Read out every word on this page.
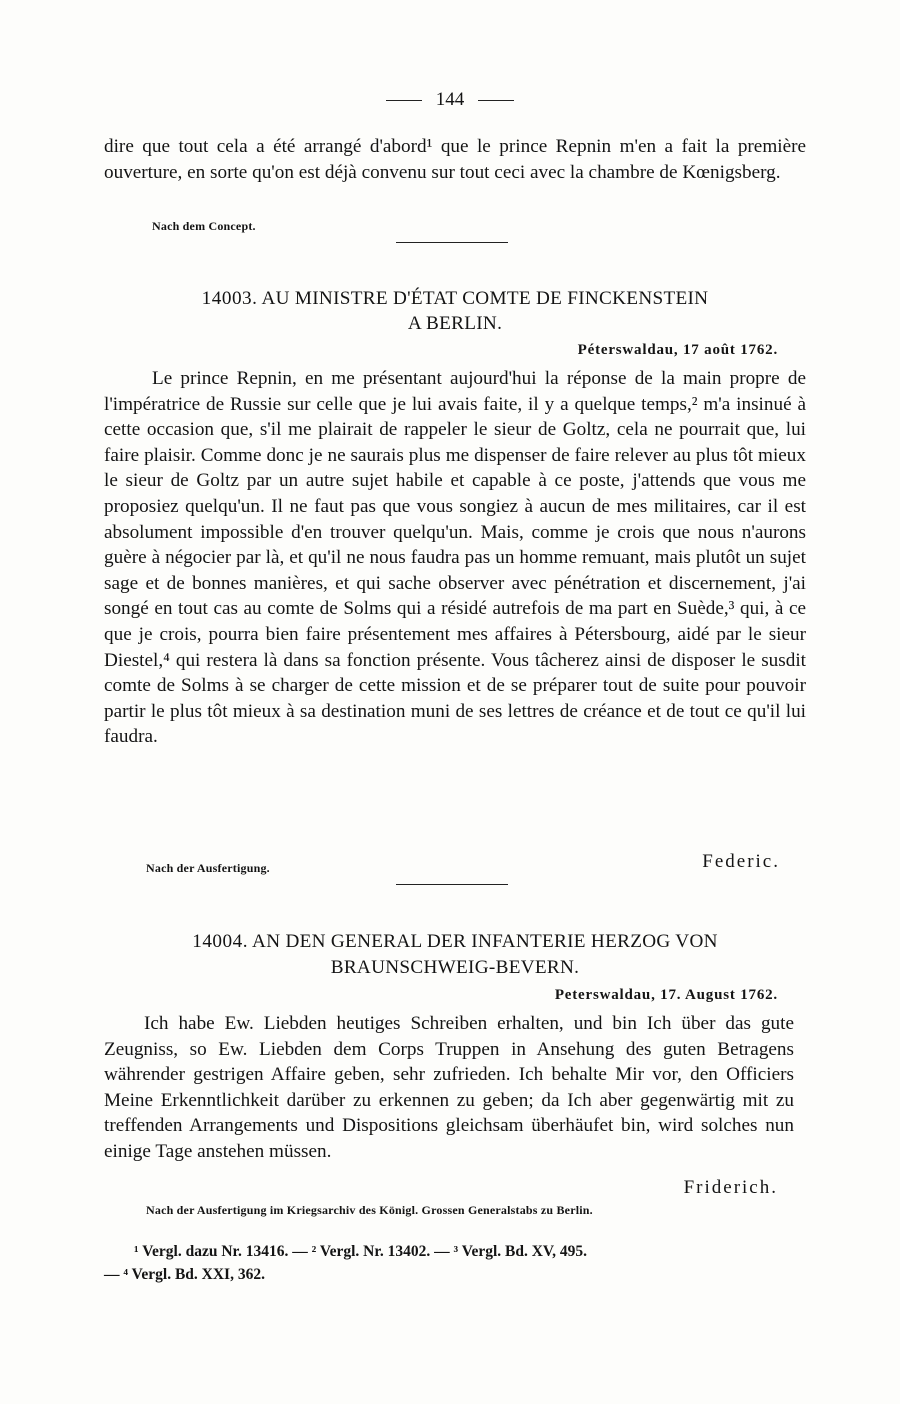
144

dire que tout cela a été arrangé d'abord¹ que le prince Repnin m'en a fait la première ouverture, en sorte qu'on est déjà convenu sur tout ceci avec la chambre de Kœnigsberg.

Nach dem Concept.
14003. AU MINISTRE D'ÉTAT COMTE DE FINCKENSTEIN
A BERLIN.
Péterswaldau, 17 août 1762.

Le prince Repnin, en me présentant aujourd'hui la réponse de la main propre de l'impératrice de Russie sur celle que je lui avais faite, il y a quelque temps,² m'a insinué à cette occasion que, s'il me plairait de rappeler le sieur de Goltz, cela ne pourrait que, lui faire plaisir. Comme donc je ne saurais plus me dispenser de faire relever au plus tôt mieux le sieur de Goltz par un autre sujet habile et capable à ce poste, j'attends que vous me proposiez quelqu'un. Il ne faut pas que vous songiez à aucun de mes militaires, car il est absolument impossible d'en trouver quelqu'un. Mais, comme je crois que nous n'aurons guère à négocier par là, et qu'il ne nous faudra pas un homme remuant, mais plutôt un sujet sage et de bonnes manières, et qui sache observer avec pénétration et discernement, j'ai songé en tout cas au comte de Solms qui a résidé autrefois de ma part en Suède,³ qui, à ce que je crois, pourra bien faire présentement mes affaires à Pétersbourg, aidé par le sieur Diestel,⁴ qui restera là dans sa fonction présente. Vous tâcherez ainsi de disposer le susdit comte de Solms à se charger de cette mission et de se préparer tout de suite pour pouvoir partir le plus tôt mieux à sa destination muni de ses lettres de créance et de tout ce qu'il lui faudra.

Nach der Ausfertigung.	Federic.
14004. AN DEN GENERAL DER INFANTERIE HERZOG VON
BRAUNSCHWEIG-BEVERN.
Peterswaldau, 17. August 1762.

Ich habe Ew. Liebden heutiges Schreiben erhalten, und bin Ich über das gute Zeugniss, so Ew. Liebden dem Corps Truppen in Ansehung des guten Betragens währender gestrigen Affaire geben, sehr zufrieden. Ich behalte Mir vor, den Officiers Meine Erkenntlichkeit darüber zu erkennen zu geben; da Ich aber gegenwärtig mit zu treffenden Arrangements und Dispositions gleichsam überhäufet bin, wird solches nun einige Tage anstehen müssen.

Friderich.
Nach der Ausfertigung im Kriegsarchiv des Königl. Grossen Generalstabs zu Berlin.
¹ Vergl. dazu Nr. 13416. — ² Vergl. Nr. 13402. — ³ Vergl. Bd. XV, 495.
— ⁴ Vergl. Bd. XXI, 362.
